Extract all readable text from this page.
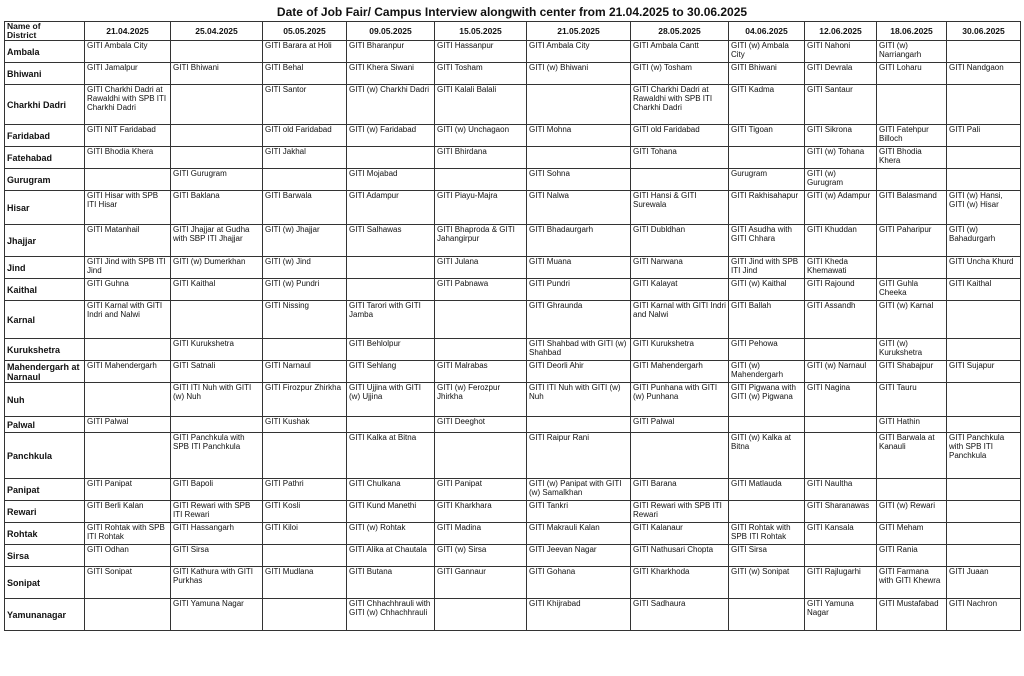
Date of Job Fair/ Campus Interview alongwith center from 21.04.2025 to 30.06.2025
Name of
District	21.04.2025	25.04.2025	05.05.2025	09.05.2025	15.05.2025	21.05.2025	28.05.2025	04.06.2025	12.06.2025	18.06.2025	30.06.2025
Ambala	GITI Ambala City		GITI Barara at Holi	GITI Bharanpur	GITI Hassanpur	GITI Ambala City	GITI Ambala Cantt	GITI (w) Ambala City	GITI Nahoni	GITI (w) Narriangarh	
Bhiwani	GITI Jamalpur	GITI Bhiwani	GITI Behal	GITI Khera Siwani	GITI Tosham	GITI (w) Bhiwani	GITI (w) Tosham	GITI Bhiwani	GITI Devrala	GITI Loharu	GITI Nandgaon
Charkhi Dadri	GITI Charkhi Dadri at Rawaldhi with SPB ITI Charkhi Dadri		GITI Santor	GITI (w) Charkhi Dadri	GITI Kalali Balali		GITI Charkhi Dadri at Rawaldhi with SPB ITI Charkhi Dadri	GITI Kadma	GITI Santaur		
Faridabad	GITI NIT Faridabad		GITI old Faridabad	GITI (w) Faridabad	GITI (w) Unchagaon	GITI Mohna	GITI old Faridabad	GITI Tigoan	GITI Sikrona	GITI Fatehpur Billoch	GITI Pali
Fatehabad	GITI Bhodia Khera		GITI Jakhal		GITI Bhirdana		GITI Tohana		GITI (w) Tohana	GITI Bhodia Khera	
Gurugram		GITI Gurugram		GITI Mojabad		GITI Sohna		Gurugram	GITI (w) Gurugram		
Hisar	GITI Hisar with SPB ITI Hisar	GITI Baklana	GITI Barwala	GITI Adampur	GITI Piayu-Majra	GITI Nalwa	GITI Hansi & GITI Surewala	GITI Rakhisahapur	GITI (w) Adampur	GITI Balasmand	GITI (w) Hansi, GITI (w) Hisar
Jhajjar	GITI Matanhail	GITI Jhajjar at Gudha with SBP ITI Jhajjar	GITI (w) Jhajjar	GITI Salhawas	GITI Bhaproda & GITI Jahangirpur	GITI Bhadaurgarh	GITI Dubldhan	GITI Asudha with GITI Chhara	GITI Khuddan	GITI Paharipur	GITI (w) Bahadurgarh
Jind	GITI Jind with SPB ITI Jind	GITI (w) Dumerkhan	GITI (w) Jind		GITI Julana	GITI Muana	GITI Narwana	GITI Jind with SPB ITI Jind	GITI Kheda Khemawati		GITI Uncha Khurd
Kaithal	GITI Guhna	GITI Kaithal	GITI (w) Pundri		GITI Pabnawa	GITI Pundri	GITI Kalayat	GITI (w) Kaithal	GITI Rajound	GITI Guhla Cheeka	GITI Kaithal
Karnal	GITI Karnal with GITI Indri and Nalwi		GITI Nissing	GITI Tarori with GITI Jamba		GITI Ghraunda	GITI Karnal with GITI Indri and Nalwi	GITI Ballah	GITI Assandh	GITI (w) Karnal	
Kurukshetra		GITI Kurukshetra		GITI Behlolpur		GITI Shahbad with GITI (w) Shahbad	GITI Kurukshetra	GITI Pehowa		GITI (w) Kurukshetra	
Mahendergarh at Narnaul	GITI Mahendergarh	GITI Satnali	GITI Narnaul	GITI Sehlang	GITI Malrabas	GITI Deorli Ahir	GITI Mahendergarh	GITI (w) Mahendergarh	GITI (w) Narnaul	GITI Shabajpur	GITI Sujapur
Nuh		GITI ITI Nuh with GITI (w) Nuh	GITI Firozpur Zhirkha	GITI Ujjina with GITI (w) Ujjina	GITI (w) Ferozpur Jhirkha	GITI ITI Nuh with GITI (w) Nuh	GITI Punhana with GITI (w) Punhana	GITI Pigwana with GITI (w) Pigwana	GITI Nagina	GITI Tauru	
Palwal	GITI Palwal		GITI Kushak		GITI Deeghot		GITI Palwal			GITI Hathin	
Panchkula		GITI Panchkula with SPB ITI Panchkula		GITI Kalka at Bitna		GITI Raipur Rani		GITI (w) Kalka at Bitna		GITI Barwala at Kanauli	GITI Panchkula with SPB ITI Panchkula
Panipat	GITI Panipat	GITI Bapoli	GITI Pathri	GITI Chulkana	GITI Panipat	GITI (w) Panipat with GITI (w) Samalkhan	GITI Barana	GITI Matlauda	GITI Naultha		
Rewari	GITI Berli Kalan	GITI Rewari with SPB ITI Rewari	GITI Kosli	GITI Kund Manethi	GITI Kharkhara	GITI Tankri	GITI Rewari with SPB ITI Rewari		GITI Sharanawas	GITI (w) Rewari	
Rohtak	GITI Rohtak with SPB ITI Rohtak	GITI Hassangarh	GITI Kiloi	GITI (w) Rohtak	GITI Madina	GITI Makrauli Kalan	GITI Kalanaur	GITI Rohtak with SPB ITI Rohtak	GITI Kansala	GITI Meham	
Sirsa	GITI Odhan	GITI Sirsa		GITI Alika at Chautala	GITI (w) Sirsa	GITI Jeevan Nagar	GITI Nathusari Chopta	GITI Sirsa		GITI Rania	
Sonipat	GITI Sonipat	GITI Kathura with GITI Purkhas	GITI Mudlana	GITI Butana	GITI Gannaur	GITI Gohana	GITI Kharkhoda	GITI (w) Sonipat	GITI Rajlugarhi	GITI Farmana with GITI Khewra	GITI Juaan
Yamunanagar		GITI Yamuna Nagar		GITI Chhachhrauli with GITI (w) Chhachhrauli		GITI Khijrabad	GITI Sadhaura		GITI Yamuna Nagar	GITI Mustafabad	GITI Nachron
